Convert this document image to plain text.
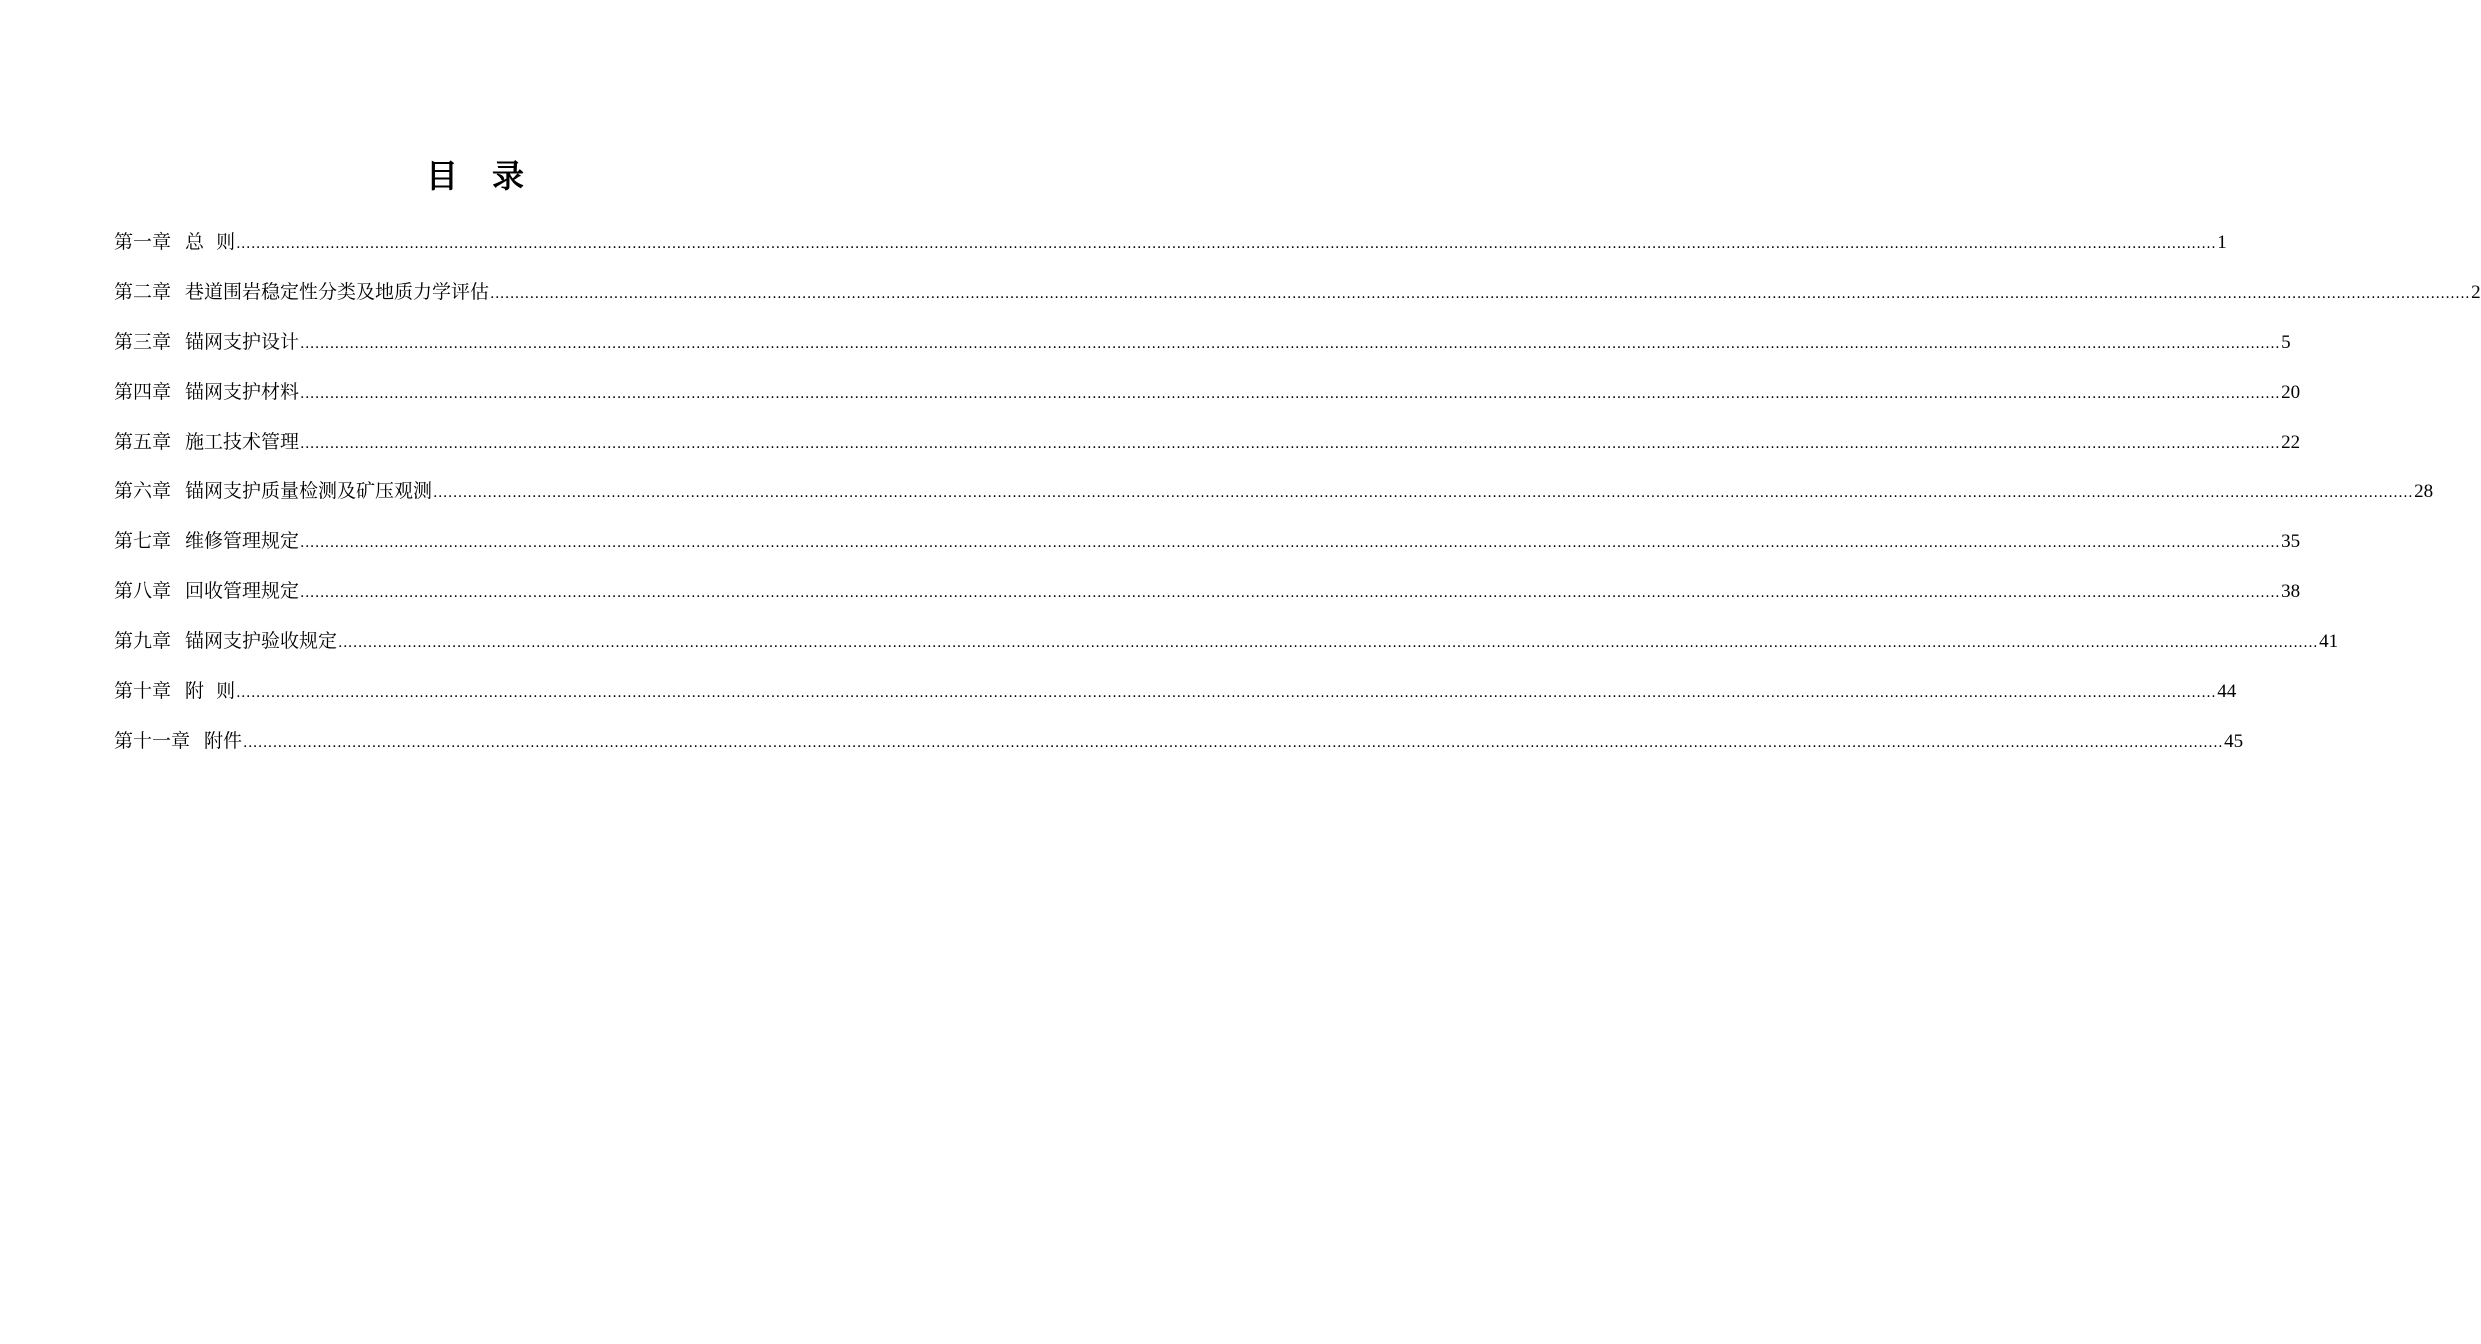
目 录
第一章 总  则 ................................................................................................................................................................................................................................................................................................................................................................................................................ 1
第二章 巷道围岩稳定性分类及地质力学评估 ................................................................................................................................................................................................................................................................................................................................................................................................................ 2
第三章 锚网支护设计 ................................................................................................................................................................................................................................................................................................................................................................................................................ 5
第四章 锚网支护材料 ................................................................................................................................................................................................................................................................................................................................................................................................................ 20
第五章 施工技术管理 ................................................................................................................................................................................................................................................................................................................................................................................................................ 22
第六章 锚网支护质量检测及矿压观测 ................................................................................................................................................................................................................................................................................................................................................................................................................ 28
第七章 维修管理规定 ................................................................................................................................................................................................................................................................................................................................................................................................................ 35
第八章 回收管理规定 ................................................................................................................................................................................................................................................................................................................................................................................................................ 38
第九章 锚网支护验收规定 ................................................................................................................................................................................................................................................................................................................................................................................................................ 41
第十章 附  则 ................................................................................................................................................................................................................................................................................................................................................................................................................ 44
第十一章 附件 ................................................................................................................................................................................................................................................................................................................................................................................................................ 45
